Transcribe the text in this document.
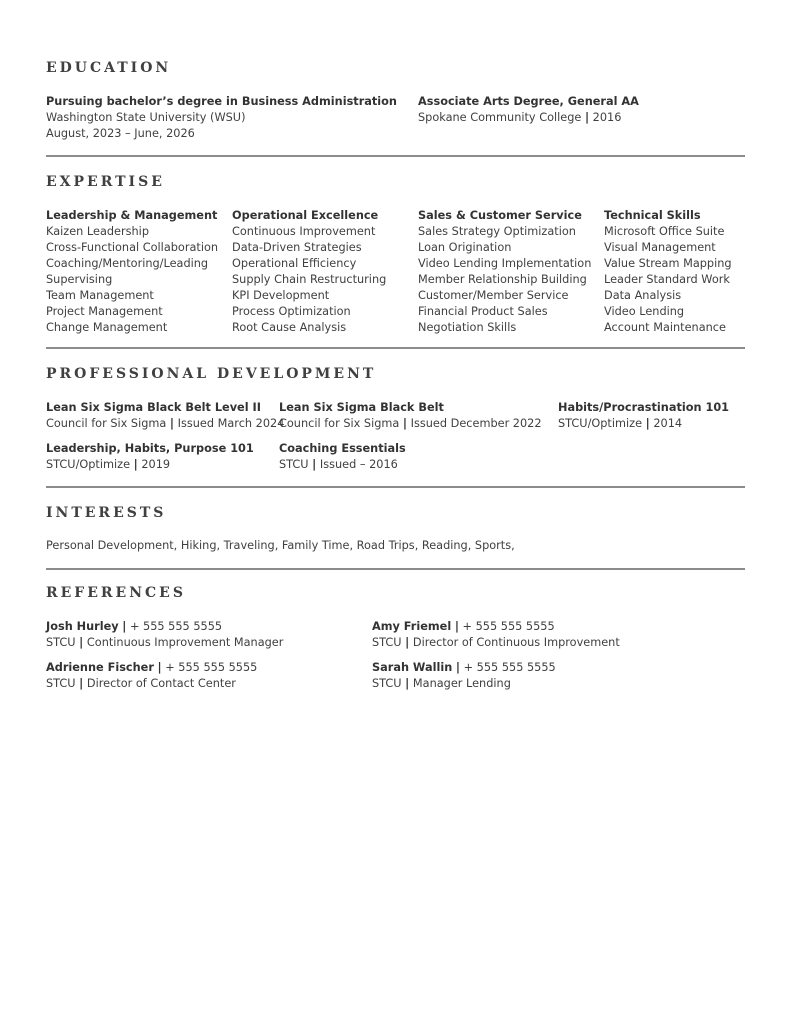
EDUCATION
Pursuing bachelor’s degree in Business Administration
Washington State University (WSU)
August, 2023 – June, 2026
Associate Arts Degree, General AA
Spokane Community College | 2016
EXPERTISE
Leadership & Management
Kaizen Leadership
Cross-Functional Collaboration
Coaching/Mentoring/Leading
Supervising
Team Management
Project Management
Change Management
Operational Excellence
Continuous Improvement
Data-Driven Strategies
Operational Efficiency
Supply Chain Restructuring
KPI Development
Process Optimization
Root Cause Analysis
Sales & Customer Service
Sales Strategy Optimization
Loan Origination
Video Lending Implementation
Member Relationship Building
Customer/Member Service
Financial Product Sales
Negotiation Skills
Technical Skills
Microsoft Office Suite
Visual Management
Value Stream Mapping
Leader Standard Work
Data Analysis
Video Lending
Account Maintenance
PROFESSIONAL DEVELOPMENT
Lean Six Sigma Black Belt Level II
Council for Six Sigma | Issued March 2024
Lean Six Sigma Black Belt
Council for Six Sigma | Issued December 2022
Habits/Procrastination 101
STCU/Optimize | 2014
Leadership, Habits, Purpose 101
STCU/Optimize | 2019
Coaching Essentials
STCU | Issued – 2016
INTERESTS
Personal Development, Hiking, Traveling, Family Time, Road Trips, Reading, Sports,
REFERENCES
Josh Hurley | + 555 555 5555
STCU | Continuous Improvement Manager
Amy Friemel | + 555 555 5555
STCU | Director of Continuous Improvement
Adrienne Fischer | + 555 555 5555
STCU | Director of Contact Center
Sarah Wallin | + 555 555 5555
STCU | Manager Lending
